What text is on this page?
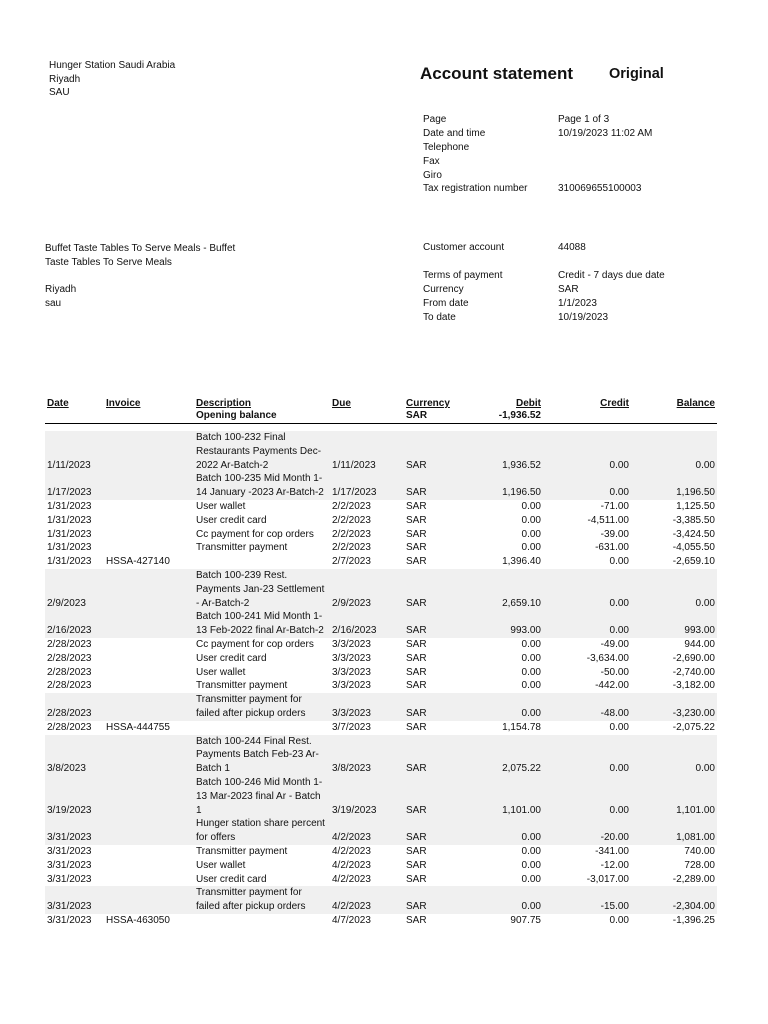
Hunger Station Saudi Arabia
Riyadh
SAU
Account statement Original
Page	Page 1 of 3
Date and time	10/19/2023 11:02 AM
Telephone
Fax
Giro
Tax registration number	310069655100003
Buffet Taste Tables To Serve Meals - Buffet
Taste Tables To Serve Meals
Riyadh
sau
Customer account	44088
Terms of payment	Credit - 7 days due date
Currency	SAR
From date	1/1/2023
To date	10/19/2023
Date	Invoice	Description	Due	Currency	Debit	Credit	Balance
		Opening balance		SAR	-1,936.52		

1/11/2023		Batch 100-232 Final Restaurants Payments Dec-2022 Ar-Batch-2	1/11/2023	SAR	1,936.52	0.00	0.00
1/17/2023		Batch 100-235 Mid Month 1-14 January -2023 Ar-Batch-2	1/17/2023	SAR	1,196.50	0.00	1,196.50
1/31/2023		User wallet	2/2/2023	SAR	0.00	-71.00	1,125.50
1/31/2023		User credit card	2/2/2023	SAR	0.00	-4,511.00	-3,385.50
1/31/2023		Cc payment for cop orders	2/2/2023	SAR	0.00	-39.00	-3,424.50
1/31/2023		Transmitter payment	2/2/2023	SAR	0.00	-631.00	-4,055.50
1/31/2023	HSSA-427140		2/7/2023	SAR	1,396.40	0.00	-2,659.10
2/9/2023		Batch 100-239 Rest. Payments Jan-23 Settlement - Ar-Batch-2	2/9/2023	SAR	2,659.10	0.00	0.00
2/16/2023		Batch 100-241 Mid Month 1-13 Feb-2022 final Ar-Batch-2	2/16/2023	SAR	993.00	0.00	993.00
2/28/2023		Cc payment for cop orders	3/3/2023	SAR	0.00	-49.00	944.00
2/28/2023		User credit card	3/3/2023	SAR	0.00	-3,634.00	-2,690.00
2/28/2023		User wallet	3/3/2023	SAR	0.00	-50.00	-2,740.00
2/28/2023		Transmitter payment	3/3/2023	SAR	0.00	-442.00	-3,182.00
2/28/2023		Transmitter payment for failed after pickup orders	3/3/2023	SAR	0.00	-48.00	-3,230.00
2/28/2023	HSSA-444755		3/7/2023	SAR	1,154.78	0.00	-2,075.22
3/8/2023		Batch 100-244 Final Rest. Payments Batch Feb-23 Ar-Batch 1	3/8/2023	SAR	2,075.22	0.00	0.00
3/19/2023		Batch 100-246 Mid Month 1-13 Mar-2023 final Ar - Batch 1	3/19/2023	SAR	1,101.00	0.00	1,101.00
3/31/2023		Hunger station share percent for offers	4/2/2023	SAR	0.00	-20.00	1,081.00
3/31/2023		Transmitter payment	4/2/2023	SAR	0.00	-341.00	740.00
3/31/2023		User wallet	4/2/2023	SAR	0.00	-12.00	728.00
3/31/2023		User credit card	4/2/2023	SAR	0.00	-3,017.00	-2,289.00
3/31/2023		Transmitter payment for failed after pickup orders	4/2/2023	SAR	0.00	-15.00	-2,304.00
3/31/2023	HSSA-463050		4/7/2023	SAR	907.75	0.00	-1,396.25
